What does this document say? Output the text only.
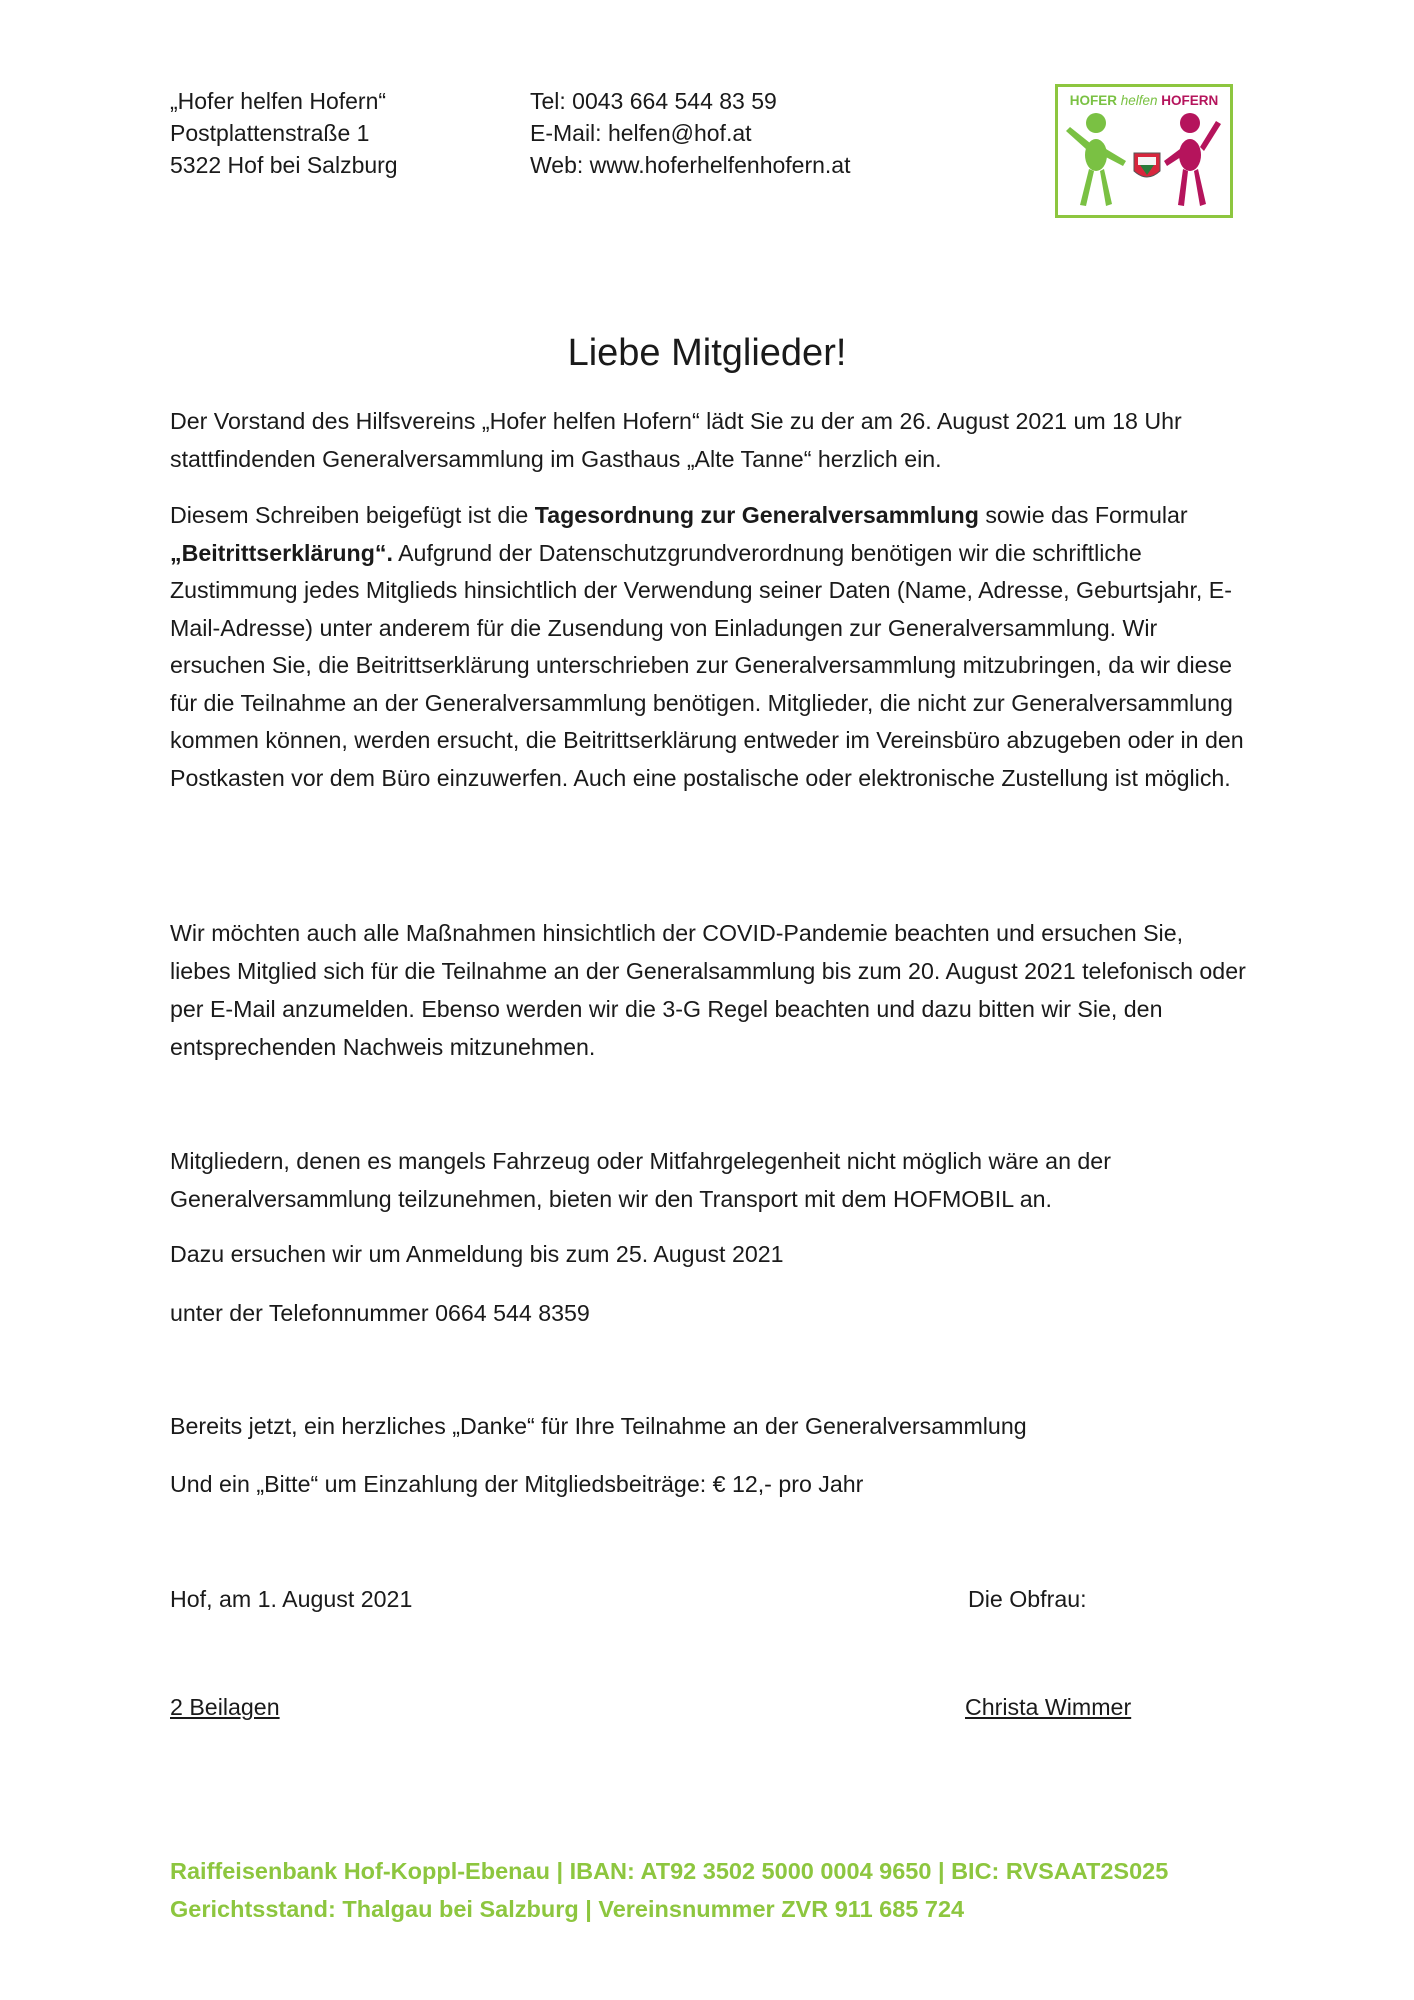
„Hofer helfen Hofern“
Postplattenstraße 1
5322 Hof bei Salzburg
Tel: 0043 664 544 83 59
E-Mail: helfen@hof.at
Web: www.hoferhelfenhofern.at
HOFER helfen HOFERN
Liebe Mitglieder!

Der Vorstand des Hilfsvereins „Hofer helfen Hofern“ lädt Sie zu der am 26. August 2021 um 18 Uhr stattfindenden Generalversammlung im Gasthaus „Alte Tanne“ herzlich ein.

Diesem Schreiben beigefügt ist die Tagesordnung zur Generalversammlung sowie das Formular „Beitrittserklärung“. Aufgrund der Datenschutzgrundverordnung benötigen wir die schriftliche Zustimmung jedes Mitglieds hinsichtlich der Verwendung seiner Daten (Name, Adresse, Geburtsjahr, E-Mail-Adresse) unter anderem für die Zusendung von Einladungen zur Generalversammlung. Wir ersuchen Sie, die Beitrittserklärung unterschrieben zur Generalversammlung mitzubringen, da wir diese für die Teilnahme an der Generalversammlung benötigen. Mitglieder, die nicht zur Generalversammlung kommen können, werden ersucht, die Beitrittserklärung entweder im Vereinsbüro abzugeben oder in den Postkasten vor dem Büro einzuwerfen. Auch eine postalische oder elektronische Zustellung ist möglich.

Wir möchten auch alle Maßnahmen hinsichtlich der COVID-Pandemie beachten und ersuchen Sie, liebes Mitglied sich für die Teilnahme an der Generalsammlung bis zum 20. August 2021 telefonisch oder per E-Mail anzumelden. Ebenso werden wir die 3-G Regel beachten und dazu bitten wir Sie, den entsprechenden Nachweis mitzunehmen.

Mitgliedern, denen es mangels Fahrzeug oder Mitfahrgelegenheit nicht möglich wäre an der Generalversammlung teilzunehmen, bieten wir den Transport mit dem HOFMOBIL an.

Dazu ersuchen wir um Anmeldung bis zum 25. August 2021
unter der Telefonnummer 0664 544 8359
Bereits jetzt, ein herzliches „Danke“ für Ihre Teilnahme an der Generalversammlung
Und ein „Bitte“ um Einzahlung der Mitgliedsbeiträge: € 12,- pro Jahr
Hof, am 1. August 2021	Die Obfrau:
2 Beilagen	Christa Wimmer
Raiffeisenbank Hof-Koppl-Ebenau | IBAN: AT92 3502 5000 0004 9650 | BIC: RVSAAT2S025
Gerichtsstand: Thalgau bei Salzburg | Vereinsnummer ZVR 911 685 724
